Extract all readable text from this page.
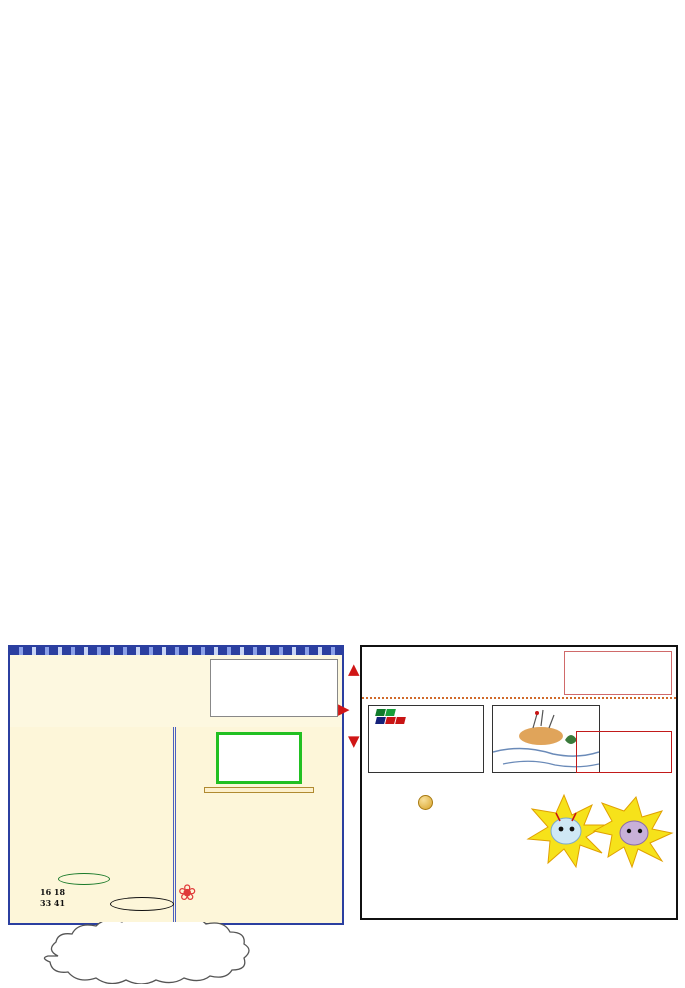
16 18
33 41	❀
▲
▼
▶
